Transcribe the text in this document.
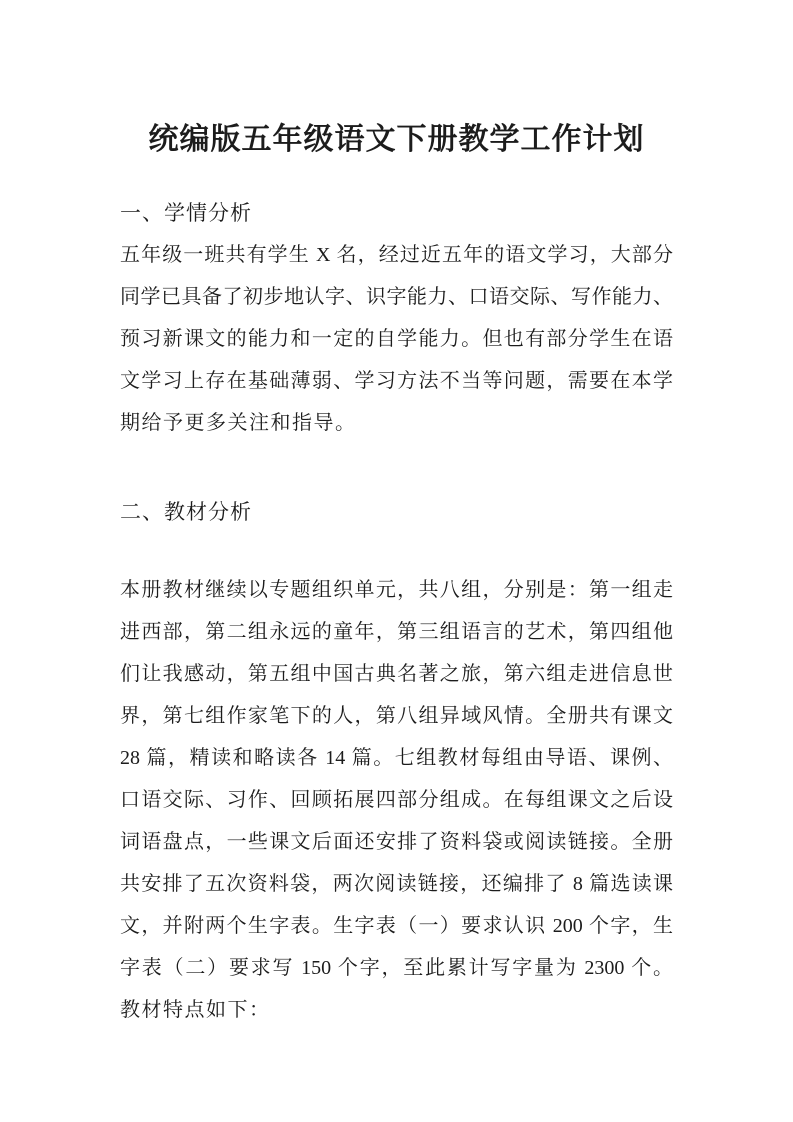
统编版五年级语文下册教学工作计划
一、学情分析
五年级一班共有学生 X 名，经过近五年的语文学习，大部分
同学已具备了初步地认字、识字能力、口语交际、写作能力、
预习新课文的能力和一定的自学能力。但也有部分学生在语
文学习上存在基础薄弱、学习方法不当等问题，需要在本学
期给予更多关注和指导。
二、教材分析
本册教材继续以专题组织单元，共八组，分别是：第一组走
进西部，第二组永远的童年，第三组语言的艺术，第四组他
们让我感动，第五组中国古典名著之旅，第六组走进信息世
界，第七组作家笔下的人，第八组异域风情。全册共有课文
28 篇，精读和略读各 14 篇。七组教材每组由导语、课例、
口语交际、习作、回顾拓展四部分组成。在每组课文之后设
词语盘点，一些课文后面还安排了资料袋或阅读链接。全册
共安排了五次资料袋，两次阅读链接，还编排了 8 篇选读课
文，并附两个生字表。生字表（一）要求认识 200 个字，生
字表（二）要求写 150 个字，至此累计写字量为 2300 个。
教材特点如下：
